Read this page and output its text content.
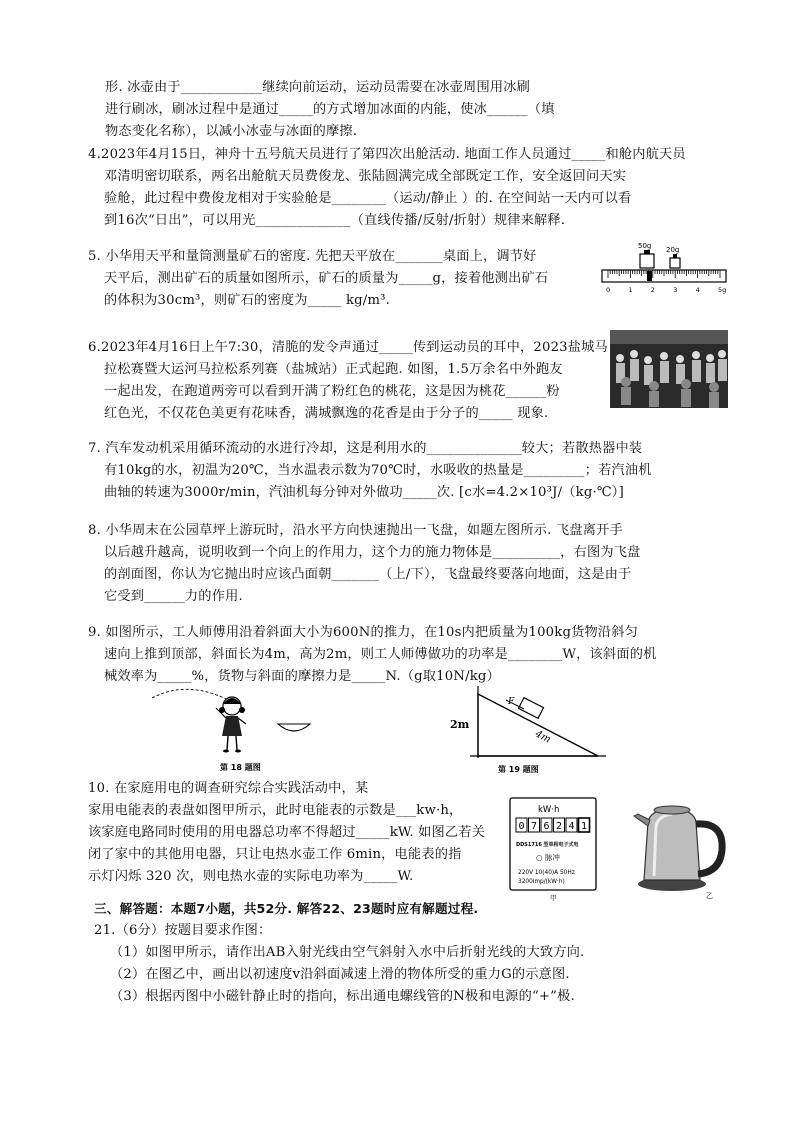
形. 冰壶由于____________继续向前运动，运动员需要在冰壶周围用冰刷
进行刷冰，刷冰过程中是通过_____的方式增加冰面的内能，使冰______（填
物态变化名称），以减小冰壶与冰面的摩擦.
4.2023年4月15日，神舟十五号航天员进行了第四次出舱活动. 地面工作人员通过_____和舱内航天员
邓清明密切联系，两名出舱航天员费俊龙、张陆圆满完成全部既定工作，安全返回问天实
验舱，此过程中费俊龙相对于实验舱是________（运动/静止 ）的. 在空间站一天内可以看
到16次“日出”，可以用光______________（直线传播/反射/折射）规律来解释.
5. 小华用天平和量筒测量矿石的密度. 先把天平放在_______桌面上，调节好
天平后，测出矿石的质量如图所示，矿石的质量为_____g，接着他测出矿石
的体积为30cm³，则矿石的密度为_____ kg/m³.
50g 20g
0	1	2	3	4	5g
6.2023年4月16日上午7:30，清脆的发令声通过_____传到运动员的耳中，2023盐城马
拉松赛暨大运河马拉松系列赛（盐城站）正式起跑. 如图，1.5万余名中外跑友
一起出发，在跑道两旁可以看到开满了粉红色的桃花，这是因为桃花______粉
红色光，不仅花色美更有花味香，满城飘逸的花香是由于分子的_____ 现象.
7. 汽车发动机采用循环流动的水进行冷却，这是利用水的______________较大；若散热器中装
有10kg的水，初温为20℃，当水温表示数为70℃时，水吸收的热量是_________；若汽油机
曲轴的转速为3000r/min，汽油机每分钟对外做功_____次. [c水=4.2×10³J/（kg·℃）]
8. 小华周末在公园草坪上游玩时，沿水平方向快速抛出一飞盘，如题左图所示. 飞盘离开手
以后越升越高，说明收到一个向上的作用力，这个力的施力物体是__________，右图为飞盘
的剖面图，你认为它抛出时应该凸面朝_______（上/下），飞盘最终要落向地面，这是由于
它受到______力的作用.
9. 如图所示，工人师傅用沿着斜面大小为600N的推力，在10s内把质量为100kg货物沿斜匀
速向上推到顶部，斜面长为4m，高为2m，则工人师傅做功的功率是________W，该斜面的机
械效率为_____%，货物与斜面的摩擦力是_____N.（g取10N/kg）
第 18 题图
F
2m
4m
第 19 题图
10. 在家庭用电的调查研究综合实践活动中，某
家用电能表的表盘如图甲所示，此时电能表的示数是___kw·h，
该家庭电路同时使用的用电器总功率不得超过_____kW. 如图乙若关
闭了家中的其他用电器，只让电热水壶工作 6min，电能表的指
示灯闪烁 320 次，则电热水壶的实际电功率为_____W.
kW·h
0 7 6 2 4 1
DDS1716 型单相电子式电
○ 脉冲
220V 10(40)A 50Hz
3200imp/(kW·h)
甲	乙
三、解答题：本题7小题，共52分. 解答22、23题时应有解题过程.
21.（6分）按题目要求作图：
（1）如图甲所示，请作出AB入射光线由空气斜射入水中后折射光线的大致方向.
（2）在图乙中，画出以初速度v沿斜面减速上滑的物体所受的重力G的示意图.
（3）根据丙图中小磁针静止时的指向，标出通电螺线管的N极和电源的“+”极.
